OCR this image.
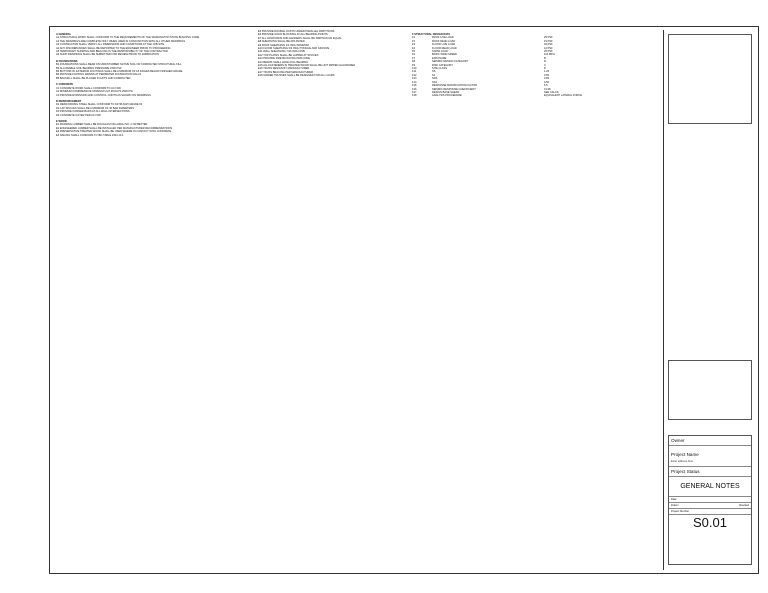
A GENERAL
A1 STRUCTURAL WORK SHALL CONFORM TO THE REQUIREMENTS OF THE WASHINGTON STATE BUILDING CODE
A2 THE DRAWINGS ARE COMPLETE ONLY WHEN USED IN CONJUNCTION WITH ALL OTHER DRAWINGS
A3 CONTRACTOR SHALL VERIFY ALL DIMENSIONS AND CONDITIONS AT THE JOB SITE
A4 ANY DISCREPANCIES SHALL BE REPORTED TO THE ENGINEER PRIOR TO PROCEEDING
A5 TEMPORARY SHORING AND BRACING IS THE RESPONSIBILITY OF THE CONTRACTOR
A6 SHOP DRAWINGS SHALL BE SUBMITTED FOR REVIEW PRIOR TO FABRICATION
B FOUNDATIONS
B1 FOUNDATIONS SHALL BEAR ON UNDISTURBED NATIVE SOIL OR COMPACTED STRUCTURAL FILL
B2 ALLOWABLE SOIL BEARING PRESSURE 1500 PSF
B3 BOTTOM OF EXTERIOR FOOTINGS SHALL BE A MINIMUM OF 18 INCHES BELOW FINISHED GRADE
B4 PROVIDE FOOTING DRAINS AT PERIMETER FOUNDATION WALLS
B5 BACKFILL SHALL BE PLACED IN LIFTS AND COMPACTED
C CONCRETE
C1 CONCRETE WORK SHALL CONFORM TO ACI 318
C2 MINIMUM COMPRESSIVE STRENGTH AT 28 DAYS 2500 PSI
C3 PROVIDE EXPANSION AND CONTROL JOINTS AS SHOWN ON DRAWINGS
D REINFORCEMENT
D1 REINFORCING STEEL SHALL CONFORM TO ASTM A615 GRADE 60
D2 LAP SPLICES SHALL BE A MINIMUM OF 40 BAR DIAMETERS
D3 PROVIDE CORNER BARS AT ALL WALL INTERSECTIONS
D4 CONCRETE COVER PER ACI 318
E WOOD
E1 FRAMING LUMBER SHALL BE DOUGLAS FIR-LARCH NO. 2 OR BETTER
E2 ENGINEERED LUMBER SHALL BE INSTALLED PER MANUFACTURER RECOMMENDATIONS
E3 PRESERVATIVE TREATED WOOD SHALL BE USED WHERE IN CONTACT WITH CONCRETE
E4 NAILING SHALL CONFORM TO IBC TABLE 2304.10.1
E5 PROVIDE DOUBLE JOISTS UNDER PARALLEL PARTITIONS
E6 PROVIDE SOLID BLOCKING AT ALL BEARING POINTS
E7 ALL HOLDOWNS AND HANGERS SHALL BE SIMPSON OR EQUAL
E8 SHEATHING SHALL BE APA RATED
E9 ROOF SHEATHING 1/2 INCH MINIMUM
E10 FLOOR SHEATHING 3/4 INCH TONGUE AND GROOVE
E11 WALL SHEATHING 7/16 INCH OSB
E12 TOP PLATES SHALL BE LAPPED AT SPLICES
E13 PROVIDE FIRE BLOCKING PER CODE
E14 BEAMS SHALL HAVE FULL BEARING
E15 ALL FASTENERS IN TREATED WOOD SHALL BE HOT DIPPED GALVANIZED
E16 TRUSS DESIGN BY MANUFACTURER
E17 TRUSS BRACING PER MANUFACTURER
E18 GIRDER TRUSSES SHALL BE DESIGNED FOR ALL LOADS
F STRUCTURAL DESIGN DATA
F1	ROOF LIVE LOAD	25 PSF
F2	ROOF DEAD LOAD	15 PSF
F3	FLOOR LIVE LOAD	40 PSF
F4	FLOOR DEAD LOAD	12 PSF
F5	SNOW LOAD	25 PSF
F6	BASIC WIND SPEED	110 MPH
F7	EXPOSURE	B
F8	SEISMIC DESIGN CATEGORY	D
F9	RISK CATEGORY	II
F10	SITE CLASS	D
F11	SS	1.25
F12	S1	0.50
F13	SDS	0.83
F14	SD1	0.50
F15	RESPONSE MODIFICATION FACTOR	6.5
F16	SEISMIC RESPONSE COEFFICIENT	0.128
F17	DESIGN BASE SHEAR	SEE CALCS
F18	ANALYSIS PROCEDURE	EQUIVALENT LATERAL FORCE
Owner
Project Name
Enter address here
Project Status
GENERAL NOTES
Date
Drawn	Checked
Project Number
S0.01
